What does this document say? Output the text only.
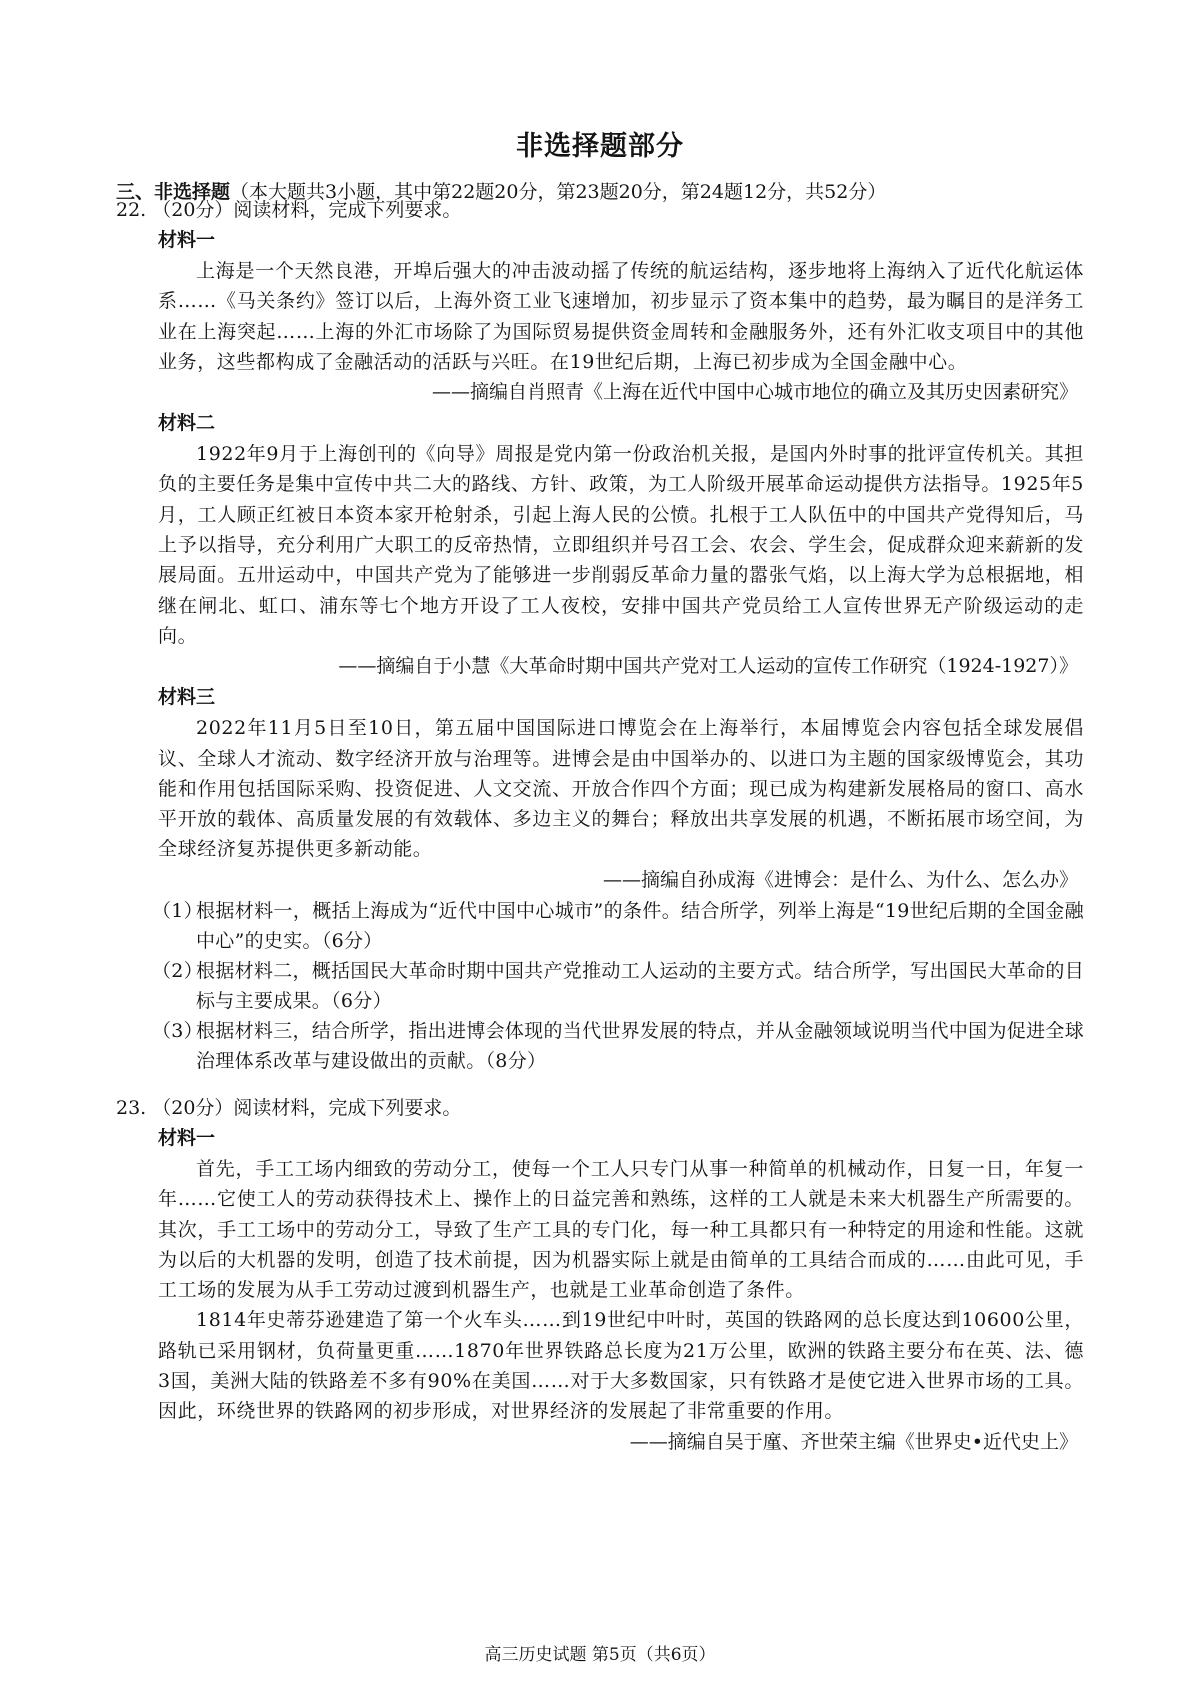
非选择题部分
三、非选择题（本大题共3小题，其中第22题20分，第23题20分，第24题12分，共52分）
22. （20分）阅读材料，完成下列要求。
材料一
上海是一个天然良港，开埠后强大的冲击波动摇了传统的航运结构，逐步地将上海纳入了近代化航运体系……《马关条约》签订以后，上海外资工业飞速增加，初步显示了资本集中的趋势，最为瞩目的是洋务工业在上海突起……上海的外汇市场除了为国际贸易提供资金周转和金融服务外，还有外汇收支项目中的其他业务，这些都构成了金融活动的活跃与兴旺。在19世纪后期，上海已初步成为全国金融中心。
——摘编自肖照青《上海在近代中国中心城市地位的确立及其历史因素研究》
材料二
1922年9月于上海创刊的《向导》周报是党内第一份政治机关报，是国内外时事的批评宣传机关。其担负的主要任务是集中宣传中共二大的路线、方针、政策，为工人阶级开展革命运动提供方法指导。1925年5月，工人顾正红被日本资本家开枪射杀，引起上海人民的公愤。扎根于工人队伍中的中国共产党得知后，马上予以指导，充分利用广大职工的反帝热情，立即组织并号召工会、农会、学生会，促成群众迎来薪新的发展局面。五卅运动中，中国共产党为了能够进一步削弱反革命力量的嚣张气焰，以上海大学为总根据地，相继在闸北、虹口、浦东等七个地方开设了工人夜校，安排中国共产党员给工人宣传世界无产阶级运动的走向。
——摘编自于小慧《大革命时期中国共产党对工人运动的宣传工作研究（1924-1927）》
材料三
2022年11月5日至10日，第五届中国国际进口博览会在上海举行，本届博览会内容包括全球发展倡议、全球人才流动、数字经济开放与治理等。进博会是由中国举办的、以进口为主题的国家级博览会，其功能和作用包括国际采购、投资促进、人文交流、开放合作四个方面；现已成为构建新发展格局的窗口、高水平开放的载体、高质量发展的有效载体、多边主义的舞台；释放出共享发展的机遇，不断拓展市场空间，为全球经济复苏提供更多新动能。
——摘编自孙成海《进博会：是什么、为什么、怎么办》
（1）
根据材料一，概括上海成为“近代中国中心城市”的条件。结合所学，列举上海是“19世纪后期的全国金融中心”的史实。（6分）
（2）
根据材料二，概括国民大革命时期中国共产党推动工人运动的主要方式。结合所学，写出国民大革命的目标与主要成果。（6分）
（3）
根据材料三，结合所学，指出进博会体现的当代世界发展的特点，并从金融领域说明当代中国为促进全球治理体系改革与建设做出的贡献。（8分）
23. （20分）阅读材料，完成下列要求。
材料一
首先，手工工场内细致的劳动分工，使每一个工人只专门从事一种简单的机械动作，日复一日，年复一年……它使工人的劳动获得技术上、操作上的日益完善和熟练，这样的工人就是未来大机器生产所需要的。其次，手工工场中的劳动分工，导致了生产工具的专门化，每一种工具都只有一种特定的用途和性能。这就为以后的大机器的发明，创造了技术前提，因为机器实际上就是由简单的工具结合而成的……由此可见，手工工场的发展为从手工劳动过渡到机器生产，也就是工业革命创造了条件。
1814年史蒂芬逊建造了第一个火车头……到19世纪中叶时，英国的铁路网的总长度达到10600公里，路轨已采用钢材，负荷量更重……1870年世界铁路总长度为21万公里，欧洲的铁路主要分布在英、法、德3国，美洲大陆的铁路差不多有90%在美国……对于大多数国家，只有铁路才是使它进入世界市场的工具。因此，环绕世界的铁路网的初步形成，对世界经济的发展起了非常重要的作用。
——摘编自吴于廑、齐世荣主编《世界史•近代史上》
高三历史试题 第5页（共6页）
